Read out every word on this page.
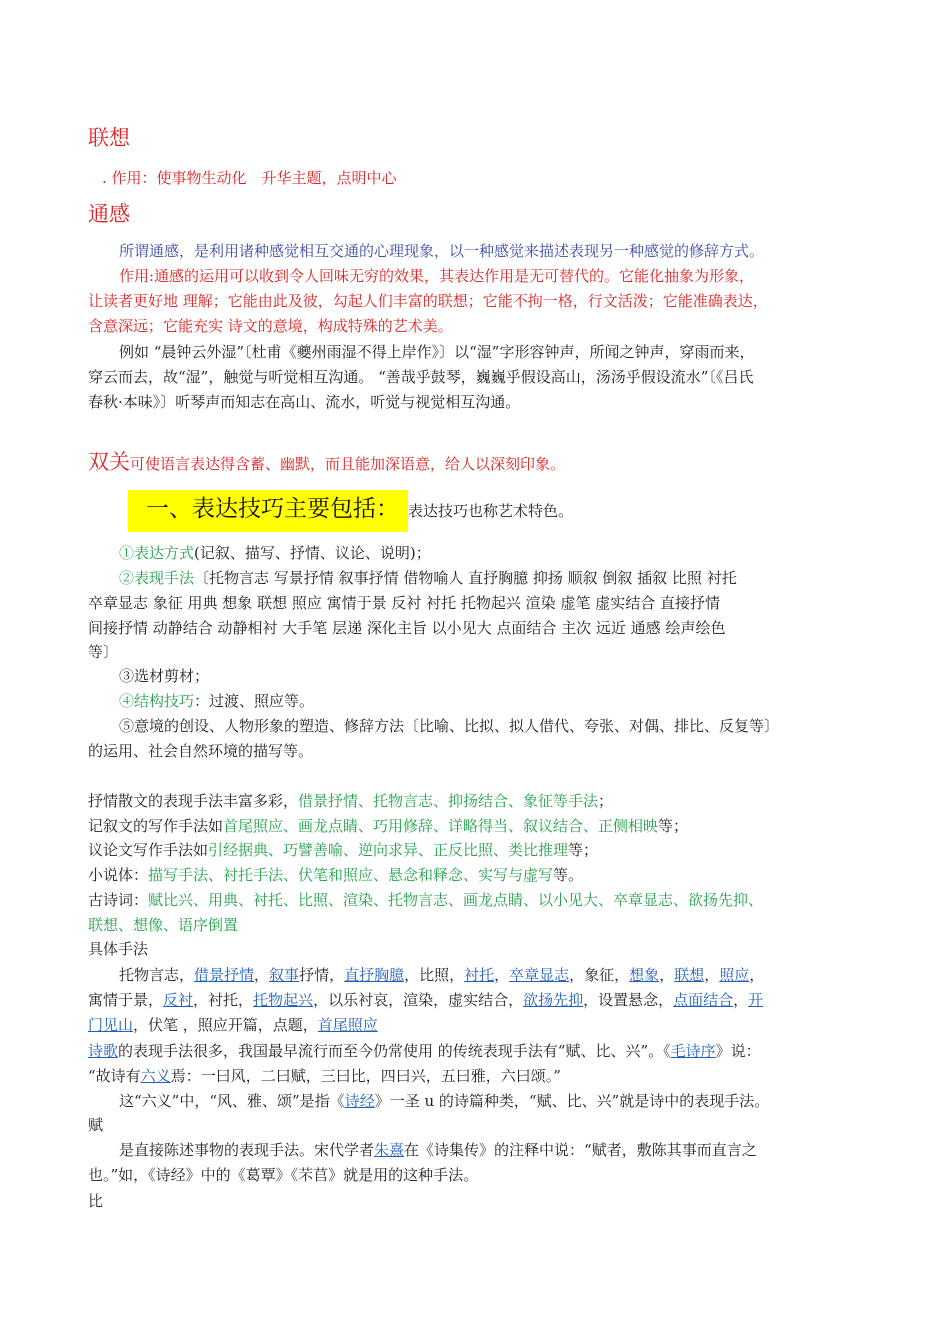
联想
. 作用：使事物生动化　升华主题，点明中心
通感
所谓通感，是利用诸种感觉相互交通的心理现象，以一种感觉来描述表现另一种感觉的修辞方式。
作用:通感的运用可以收到令人回味无穷的效果，其表达作用是无可替代的。它能化抽象为形象，
让读者更好地 理解；它能由此及彼，勾起人们丰富的联想；它能不拘一格，行文活泼；它能准确表达，
含意深远；它能充实 诗文的意境，构成特殊的艺术美。
例如 “晨钟云外湿”〔杜甫《夔州雨湿不得上岸作》〕以“湿”字形容钟声，所闻之钟声，穿雨而来，
穿云而去，故“湿”，触觉与听觉相互沟通。 “善哉乎鼓琴，巍巍乎假设高山，汤汤乎假设流水”〔《吕氏
春秋·本味》〕听琴声而知志在高山、流水，听觉与视觉相互沟通。
双关可使语言表达得含蓄、幽默，而且能加深语意，给人以深刻印象。
一、表达技巧主要包括： 表达技巧也称艺术特色。
①表达方式(记叙、描写、抒情、议论、说明)；
②表现手法〔托物言志 写景抒情 叙事抒情 借物喻人 直抒胸臆 抑扬 顺叙 倒叙 插叙 比照 衬托
卒章显志 象征 用典 想象 联想 照应 寓情于景 反衬 衬托 托物起兴 渲染 虚笔 虚实结合 直接抒情
间接抒情 动静结合 动静相衬 大手笔 层递 深化主旨 以小见大 点面结合 主次 远近 通感 绘声绘色
等〕
③选材剪材；
④结构技巧：过渡、照应等。
⑤意境的创设、人物形象的塑造、修辞方法〔比喻、比拟、拟人借代、夸张、对偶、排比、反复等〕
的运用、社会自然环境的描写等。
抒情散文的表现手法丰富多彩，借景抒情、托物言志、抑扬结合、象征等手法；
记叙文的写作手法如首尾照应、画龙点睛、巧用修辞、详略得当、叙议结合、正侧相映等；
议论文写作手法如引经据典、巧譬善喻、逆向求异、正反比照、类比推理等；
小说体：描写手法、衬托手法、伏笔和照应、悬念和释念、实写与虚写等。
古诗词：赋比兴、用典、衬托、比照、渲染、托物言志、画龙点睛、以小见大、卒章显志、欲扬先抑、
联想、想像、语序倒置
具体手法
托物言志，借景抒情，叙事抒情，直抒胸臆，比照，衬托，卒章显志，象征，想象，联想，照应，
寓情于景，反衬，衬托，托物起兴，以乐衬哀，渲染，虚实结合，欲扬先抑，设置悬念，点面结合，开
门见山，伏笔 ，照应开篇，点题，首尾照应
诗歌的表现手法很多，我国最早流行而至今仍常使用 的传统表现手法有“赋、比、兴”。《毛诗序》说：
“故诗有六义焉：一曰风，二曰赋，三曰比，四曰兴，五曰雅，六曰颂。”
这“六义”中，“风、雅、颂”是指《诗经》一圣 u 的诗篇种类，“赋、比、兴”就是诗中的表现手法。
赋
是直接陈述事物的表现手法。宋代学者朱熹在《诗集传》的注释中说：“赋者，敷陈其事而直言之
也。”如，《诗经》中的《葛覃》《芣苢》就是用的这种手法。
比
